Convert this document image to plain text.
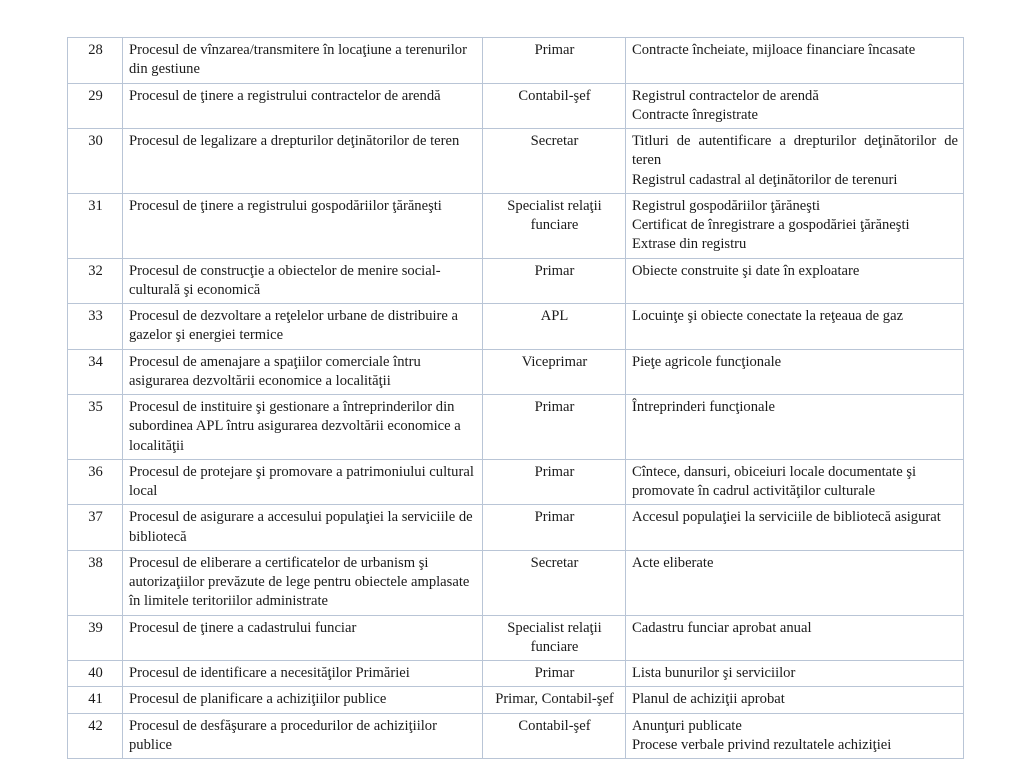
28	Procesul de vînzarea/transmitere în locaţiune a terenurilor din gestiune	Primar	Contracte încheiate, mijloace financiare încasate

29	Procesul de ţinere a registrului contractelor de arendă	Contabil-şef	Registrul contractelor de arendă
Contracte înregistrate

30	Procesul de legalizare a drepturilor deţinătorilor de teren	Secretar	Titluri de autentificare a drepturilor deţinătorilor de teren
Registrul cadastral al deţinătorilor de terenuri

31	Procesul de ţinere a registrului gospodăriilor ţărăneşti	Specialist relaţii
funciare	Registrul gospodăriilor ţărăneşti
Certificat de înregistrare a gospodăriei ţărăneşti
Extrase din registru

32	Procesul de construcţie a obiectelor de menire social-culturală şi economică	Primar	Obiecte construite şi date în exploatare

33	Procesul de dezvoltare a reţelelor urbane de distribuire a gazelor şi energiei termice	APL	Locuinţe şi obiecte conectate la reţeaua de gaz

34	Procesul de amenajare a spaţiilor comerciale întru asigurarea dezvoltării economice a localităţii	Viceprimar	Pieţe agricole funcţionale

35	Procesul de instituire şi gestionare a întreprinderilor din subordinea APL întru asigurarea dezvoltării economice a localităţii	Primar	Întreprinderi funcţionale

36	Procesul de protejare şi promovare a patrimoniului cultural local	Primar	Cîntece, dansuri, obiceiuri locale documentate şi promovate în cadrul activităţilor culturale

37	Procesul de asigurare a accesului populaţiei la serviciile de bibliotecă	Primar	Accesul populaţiei la serviciile de bibliotecă asigurat

38	Procesul de eliberare a certificatelor de urbanism şi autorizaţiilor prevăzute de lege pentru obiectele amplasate în limitele teritoriilor administrate	Secretar	Acte eliberate

39	Procesul de ţinere a cadastrului funciar	Specialist relaţii
funciare	Cadastru funciar aprobat anual

40	Procesul de identificare a necesităţilor Primăriei	Primar	Lista bunurilor şi serviciilor

41	Procesul de planificare a achiziţiilor publice	Primar, Contabil-şef	Planul de achiziţii aprobat

42	Procesul de desfăşurare a procedurilor de achiziţiilor publice	Contabil-şef	Anunţuri publicate
Procese verbale privind rezultatele achiziţiei
